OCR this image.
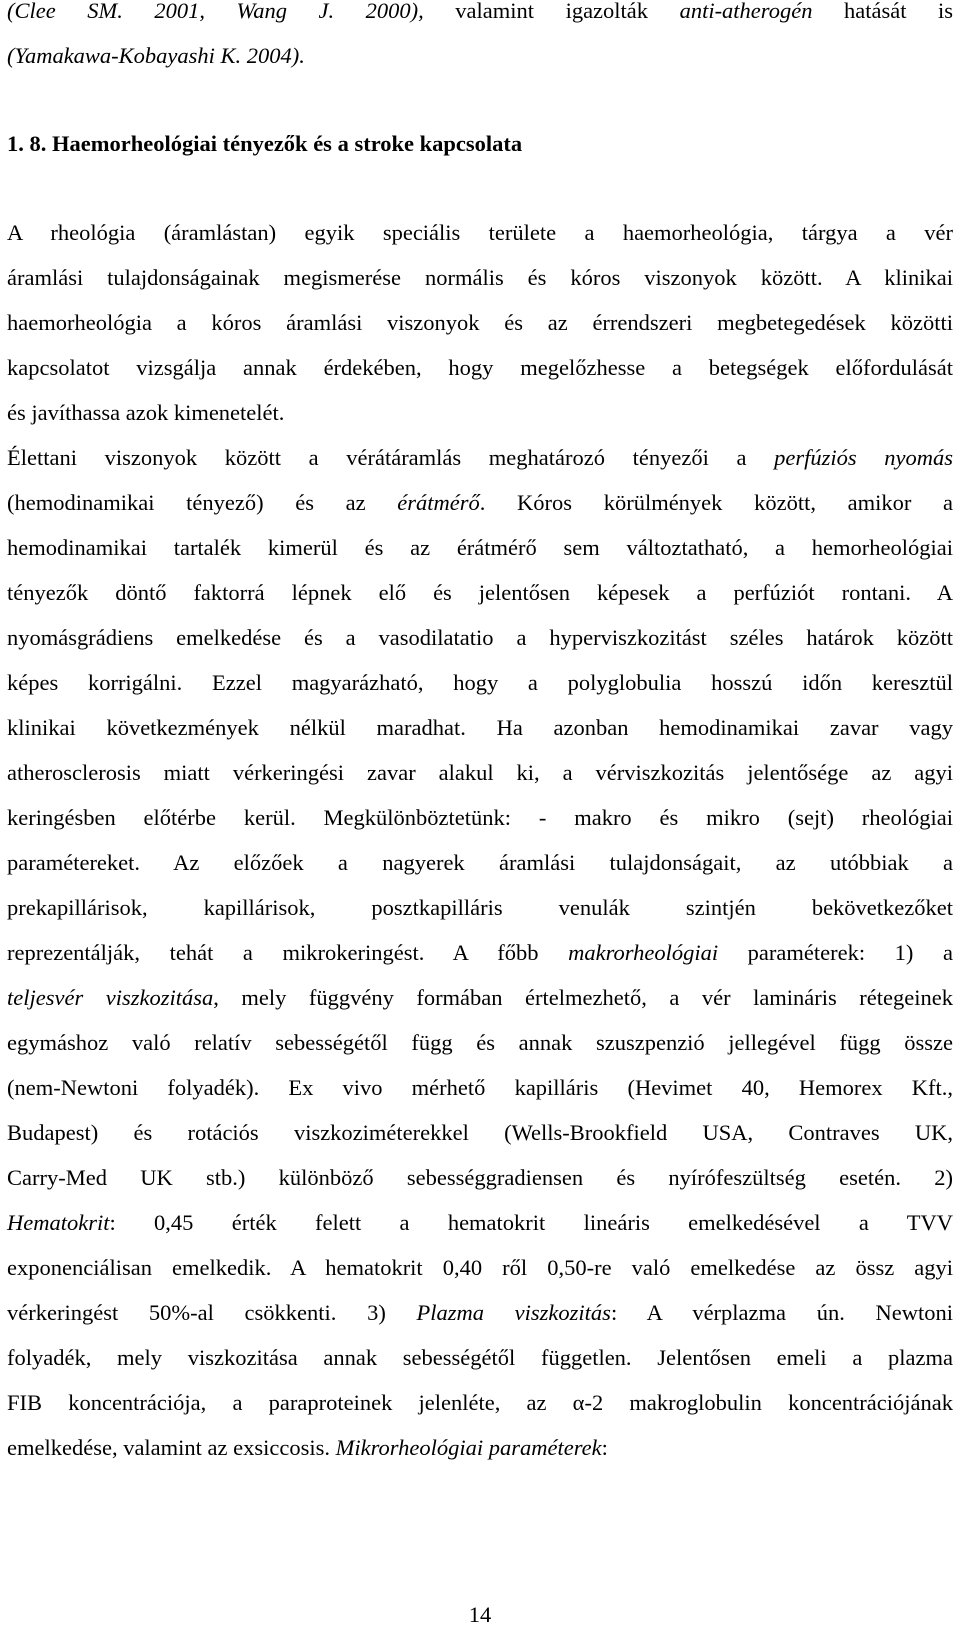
(Clee SM. 2001, Wang J. 2000), valamint igazolták anti-atherogén hatását is
(Yamakawa-Kobayashi K. 2004).
1. 8. Haemorheológiai tényezők és a stroke kapcsolata
A rheológia (áramlástan) egyik speciális területe a haemorheológia, tárgya a vér
áramlási tulajdonságainak megismerése normális és kóros viszonyok között. A klinikai
haemorheológia a kóros áramlási viszonyok és az érrendszeri megbetegedések közötti
kapcsolatot vizsgálja annak érdekében, hogy megelőzhesse a betegségek előfordulását
és javíthassa azok kimenetelét.
Élettani viszonyok között a vérátáramlás meghatározó tényezői a perfúziós nyomás
(hemodinamikai tényező) és az érátmérő. Kóros körülmények között, amikor a
hemodinamikai tartalék kimerül és az érátmérő sem változtatható, a hemorheológiai
tényezők döntő faktorrá lépnek elő és jelentősen képesek a perfúziót rontani. A
nyomásgrádiens emelkedése és a vasodilatatio a hyperviszkozitást széles határok között
képes korrigálni. Ezzel magyarázható, hogy a polyglobulia hosszú időn keresztül
klinikai következmények nélkül maradhat. Ha azonban hemodinamikai zavar vagy
atherosclerosis miatt vérkeringési zavar alakul ki, a vérviszkozitás jelentősége az agyi
keringésben előtérbe kerül. Megkülönböztetünk: - makro és mikro (sejt) rheológiai
paramétereket. Az előzőek a nagyerek áramlási tulajdonságait, az utóbbiak a
prekapillárisok, kapillárisok, posztkapilláris venulák szintjén bekövetkezőket
reprezentálják, tehát a mikrokeringést. A főbb makrorheológiai paraméterek: 1) a
teljesvér viszkozitása, mely függvény formában értelmezhető, a vér lamináris rétegeinek
egymáshoz való relatív sebességétől függ és annak szuszpenzió jellegével függ össze
(nem-Newtoni folyadék). Ex vivo mérhető kapilláris (Hevimet 40, Hemorex Kft.,
Budapest) és rotációs viszkoziméterekkel (Wells-Brookfield USA, Contraves UK,
Carry-Med UK stb.) különböző sebességgradiensen és nyírófeszültség esetén. 2)
Hematokrit: 0,45 érték felett a hematokrit lineáris emelkedésével a TVV
exponenciálisan emelkedik. A hematokrit 0,40 ről 0,50-re való emelkedése az össz agyi
vérkeringést 50%-al csökkenti. 3) Plazma viszkozitás: A vérplazma ún. Newtoni
folyadék, mely viszkozitása annak sebességétől független. Jelentősen emeli a plazma
FIB koncentrációja, a paraproteinek jelenléte, az α-2 makroglobulin koncentrációjának
emelkedése, valamint az exsiccosis. Mikrorheológiai paraméterek:
14
